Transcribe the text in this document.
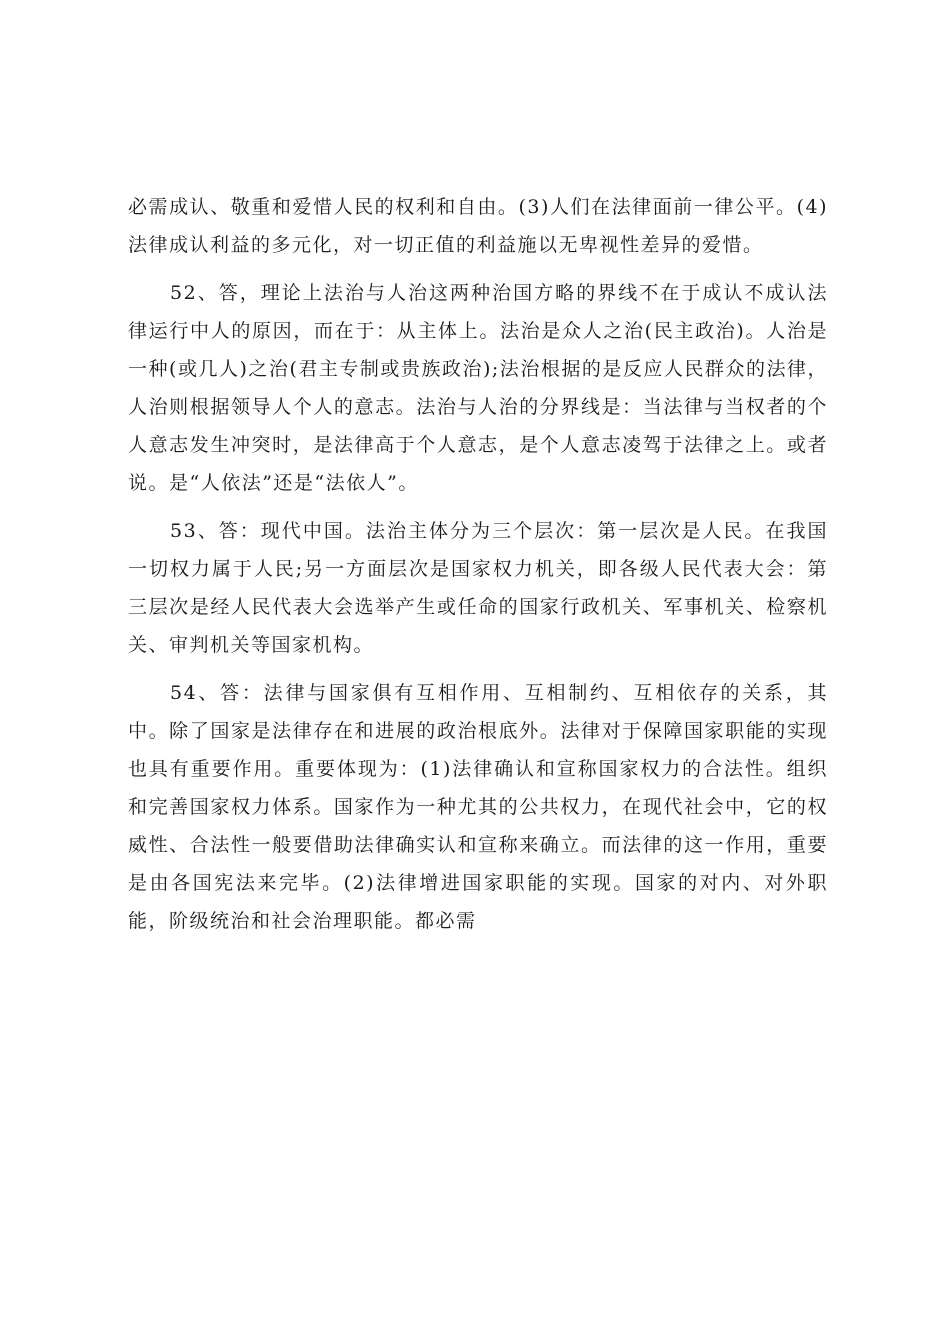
必需成认、敬重和爱惜人民的权利和自由。(3)人们在法律面前一律公平。(4)法律成认利益的多元化，对一切正值的利益施以无卑视性差异的爱惜。

52、答，理论上法治与人治这两种治国方略的界线不在于成认不成认法律运行中人的原因，而在于：从主体上。法治是众人之治(民主政治)。人治是一种(或几人)之治(君主专制或贵族政治);法治根据的是反应人民群众的法律，人治则根据领导人个人的意志。法治与人治的分界线是：当法律与当权者的个人意志发生冲突时，是法律高于个人意志，是个人意志凌驾于法律之上。或者说。是“人依法”还是“法依人”。

53、答：现代中国。法治主体分为三个层次：第一层次是人民。在我国一切权力属于人民;另一方面层次是国家权力机关，即各级人民代表大会：第三层次是经人民代表大会选举产生或任命的国家行政机关、军事机关、检察机关、审判机关等国家机构。

54、答：法律与国家俱有互相作用、互相制约、互相依存的关系，其中。除了国家是法律存在和进展的政治根底外。法律对于保障国家职能的实现也具有重要作用。重要体现为：(1)法律确认和宣称国家权力的合法性。组织和完善国家权力体系。国家作为一种尤其的公共权力，在现代社会中，它的权威性、合法性一般要借助法律确实认和宣称来确立。而法律的这一作用，重要是由各国宪法来完毕。(2)法律增进国家职能的实现。国家的对内、对外职能，阶级统治和社会治理职能。都必需
